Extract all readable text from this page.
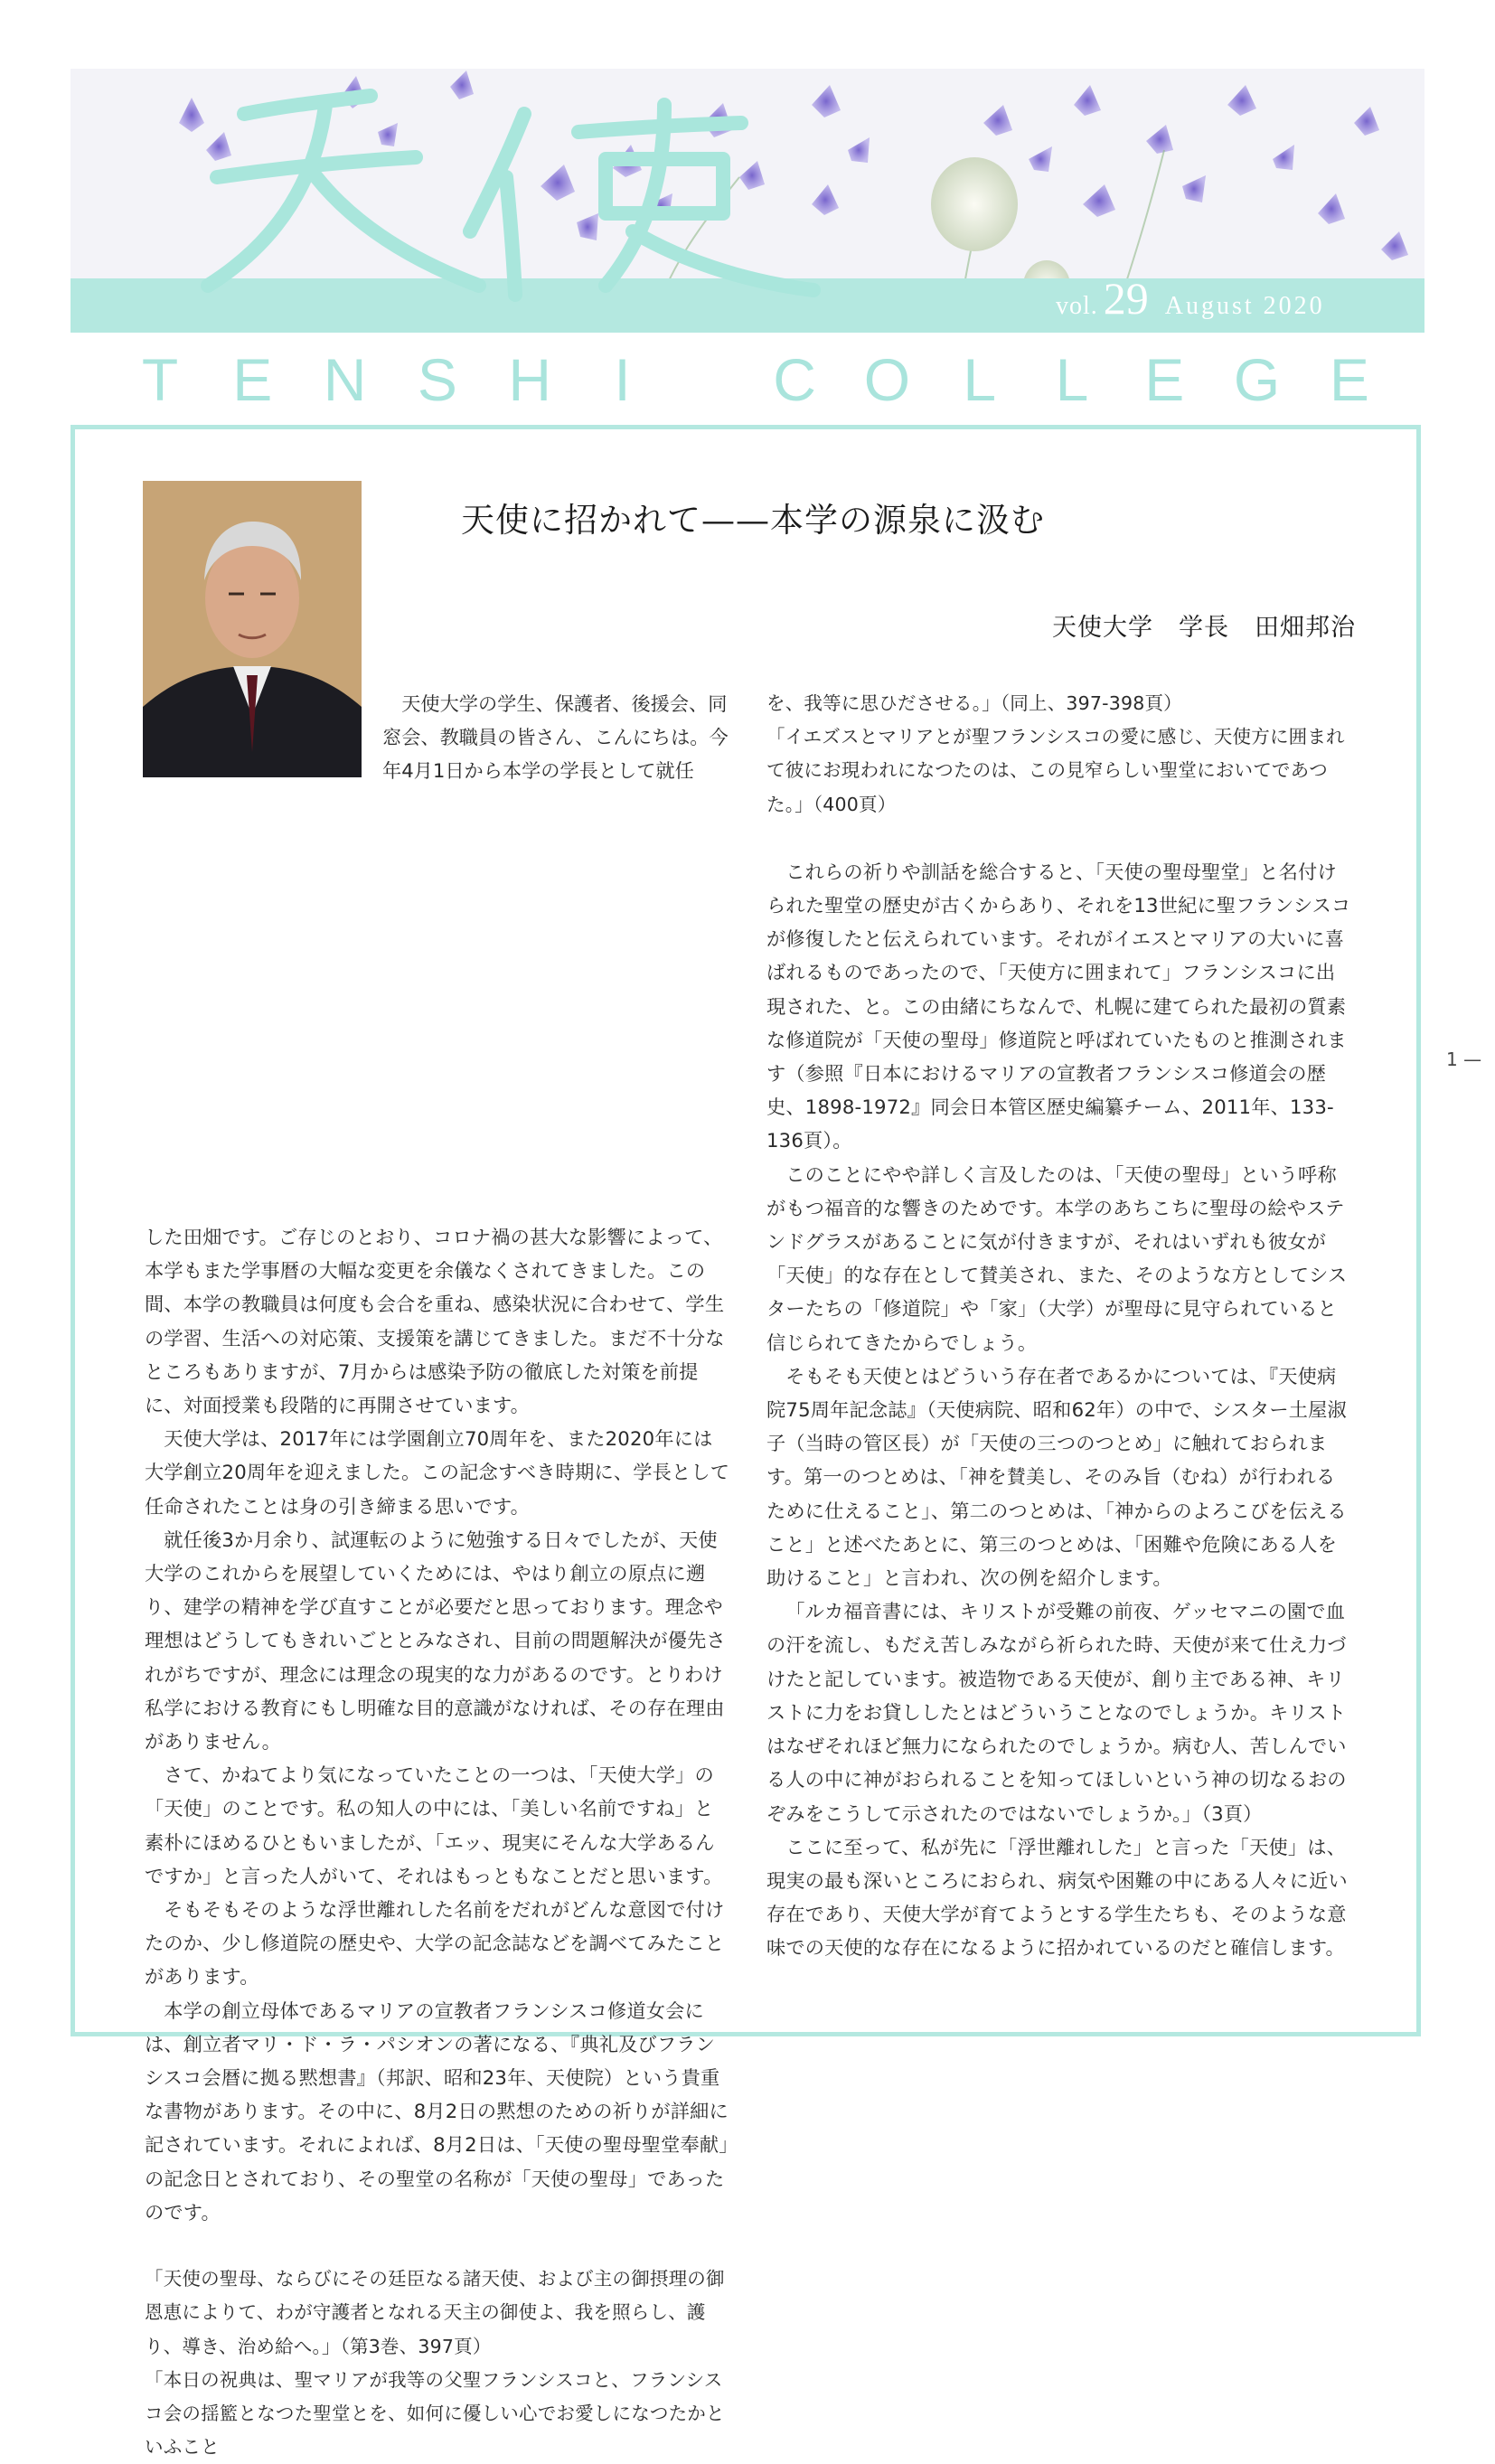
vol. 29 August 2020
T E N S H I C O L L E G E
天使に招かれて——本学の源泉に汲む
天使大学　学長　田畑邦治
天使大学の学生、保護者、後援会、同窓会、教職員の皆さん、こんにちは。今年4月1日から本学の学長として就任

した田畑です。ご存じのとおり、コロナ禍の甚大な影響によって、本学もまた学事暦の大幅な変更を余儀なくされてきました。この間、本学の教職員は何度も会合を重ね、感染状況に合わせて、学生の学習、生活への対応策、支援策を講じてきました。まだ不十分なところもありますが、7月からは感染予防の徹底した対策を前提に、対面授業も段階的に再開させています。

天使大学は、2017年には学園創立70周年を、また2020年には大学創立20周年を迎えました。この記念すべき時期に、学長として任命されたことは身の引き締まる思いです。

就任後3か月余り、試運転のように勉強する日々でしたが、天使大学のこれからを展望していくためには、やはり創立の原点に遡り、建学の精神を学び直すことが必要だと思っております。理念や理想はどうしてもきれいごととみなされ、目前の問題解決が優先されがちですが、理念には理念の現実的な力があるのです。とりわけ私学における教育にもし明確な目的意識がなければ、その存在理由がありません。

さて、かねてより気になっていたことの一つは、「天使大学」の「天使」のことです。私の知人の中には、「美しい名前ですね」と素朴にほめるひともいましたが、「エッ、現実にそんな大学あるんですか」と言った人がいて、それはもっともなことだと思います。

そもそもそのような浮世離れした名前をだれがどんな意図で付けたのか、少し修道院の歴史や、大学の記念誌などを調べてみたことがあります。

本学の創立母体であるマリアの宣教者フランシスコ修道女会には、創立者マリ・ド・ラ・パシオンの著になる、『典礼及びフランシスコ会暦に拠る黙想書』（邦訳、昭和23年、天使院）という貴重な書物があります。その中に、8月2日の黙想のための祈りが詳細に記されています。それによれば、8月2日は、「天使の聖母聖堂奉献」の記念日とされており、その聖堂の名称が「天使の聖母」であったのです。

「天使の聖母、ならびにその廷臣なる諸天使、および主の御摂理の御恩恵によりて、わが守護者となれる天主の御使よ、我を照らし、護り、導き、治め給へ。」（第3巻、397頁）

「本日の祝典は、聖マリアが我等の父聖フランシスコと、フランシスコ会の揺籃となつた聖堂とを、如何に優しい心でお愛しになつたかといふこと

を、我等に思ひださせる。」（同上、397-398頁）

「イエズスとマリアとが聖フランシスコの愛に感じ、天使方に囲まれて彼にお現われになつたのは、この見窄らしい聖堂においてであつた。」（400頁）

これらの祈りや訓話を総合すると、「天使の聖母聖堂」と名付けられた聖堂の歴史が古くからあり、それを13世紀に聖フランシスコが修復したと伝えられています。それがイエスとマリアの大いに喜ばれるものであったので、「天使方に囲まれて」フランシスコに出現された、と。この由緒にちなんで、札幌に建てられた最初の質素な修道院が「天使の聖母」修道院と呼ばれていたものと推測されます（参照『日本におけるマリアの宣教者フランシスコ修道会の歴史、1898-1972』同会日本管区歴史編纂チーム、2011年、133-136頁）。

このことにやや詳しく言及したのは、「天使の聖母」という呼称がもつ福音的な響きのためです。本学のあちこちに聖母の絵やステンドグラスがあることに気が付きますが、それはいずれも彼女が「天使」的な存在として賛美され、また、そのような方としてシスターたちの「修道院」や「家」（大学）が聖母に見守られていると信じられてきたからでしょう。

そもそも天使とはどういう存在者であるかについては、『天使病院75周年記念誌』（天使病院、昭和62年）の中で、シスター土屋淑子（当時の管区長）が「天使の三つのつとめ」に触れておられます。第一のつとめは、「神を賛美し、そのみ旨（むね）が行われるために仕えること」、第二のつとめは、「神からのよろこびを伝えること」と述べたあとに、第三のつとめは、「困難や危険にある人を助けること」と言われ、次の例を紹介します。

「ルカ福音書には、キリストが受難の前夜、ゲッセマニの園で血の汗を流し、もだえ苦しみながら祈られた時、天使が来て仕え力づけたと記しています。被造物である天使が、創り主である神、キリストに力をお貸ししたとはどういうことなのでしょうか。キリストはなぜそれほど無力になられたのでしょうか。病む人、苦しんでいる人の中に神がおられることを知ってほしいという神の切なるおのぞみをこうして示されたのではないでしょうか。」（3頁）

ここに至って、私が先に「浮世離れした」と言った「天使」は、現実の最も深いところにおられ、病気や困難の中にある人々に近い存在であり、天使大学が育てようとする学生たちも、そのような意味での天使的な存在になるように招かれているのだと確信します。

1 —
